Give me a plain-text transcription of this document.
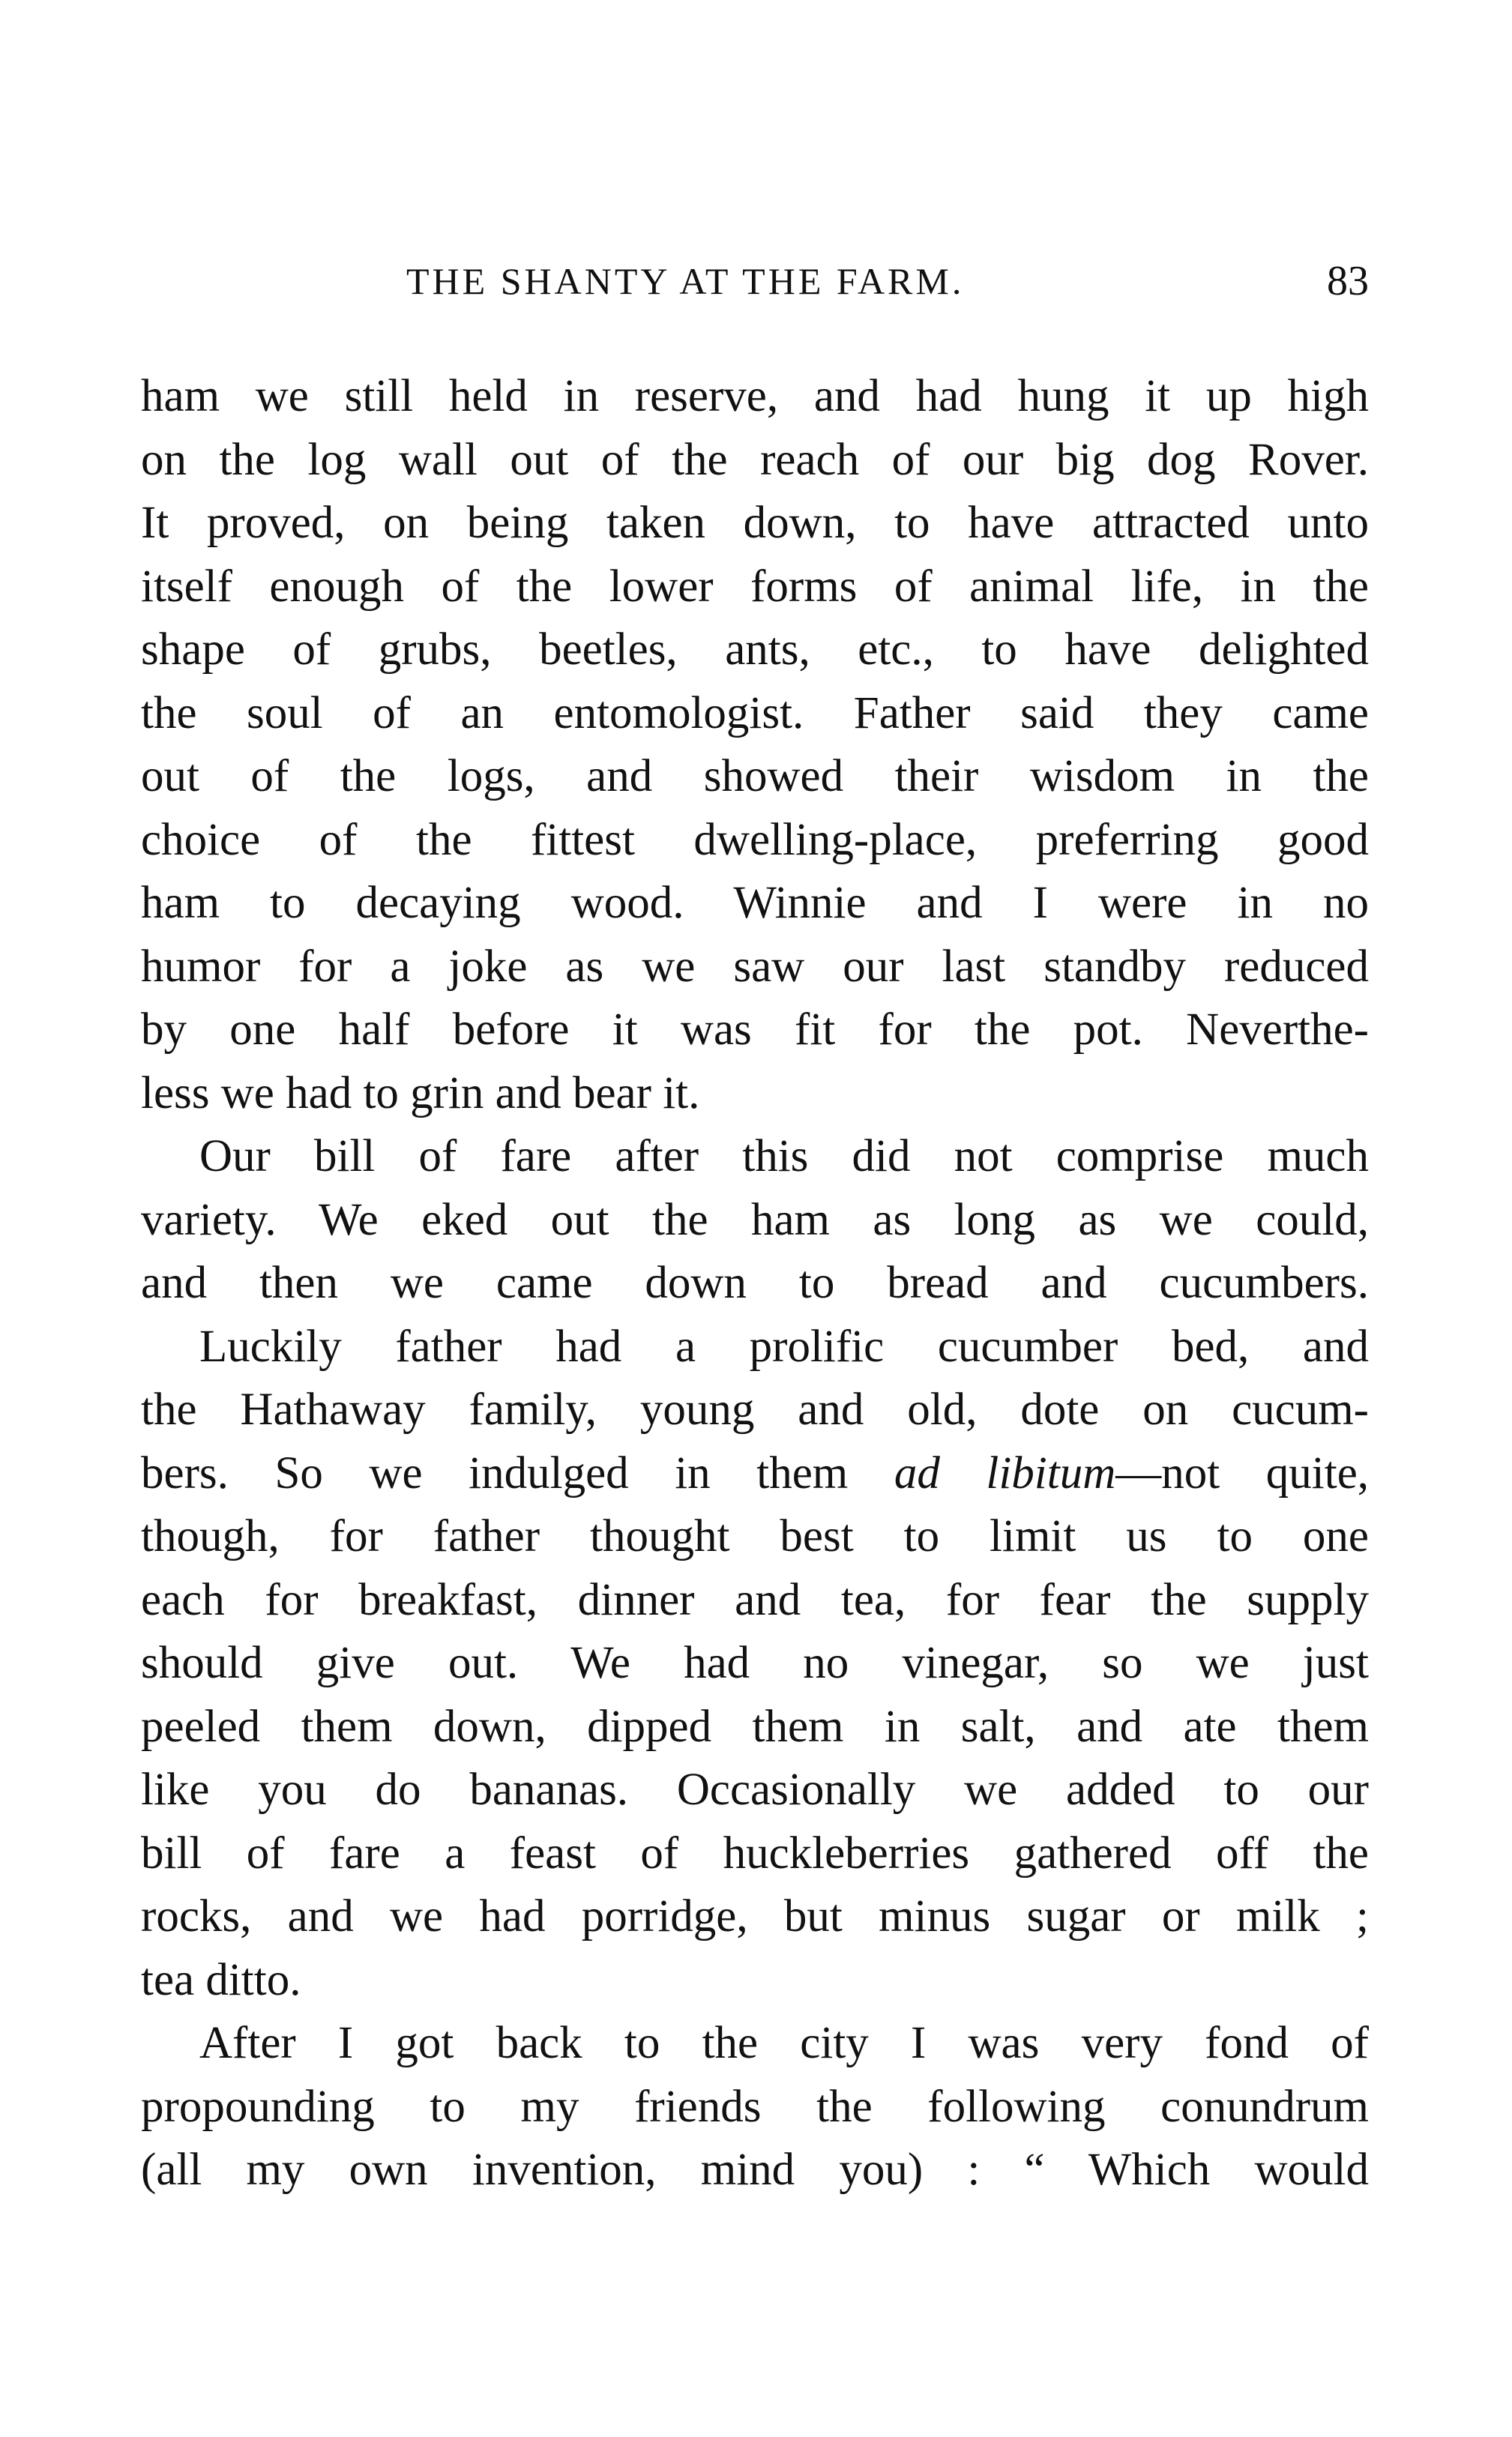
THE SHANTY AT THE FARM.	83
ham we still held in reserve, and had hung it up high
on the log wall out of the reach of our big dog Rover.
It proved, on being taken down, to have attracted unto
itself enough of the lower forms of animal life, in the
shape of grubs, beetles, ants, etc., to have delighted
the soul of an entomologist. Father said they came
out of the logs, and showed their wisdom in the
choice of the fittest dwelling-place, preferring good
ham to decaying wood. Winnie and I were in no
humor for a joke as we saw our last standby reduced
by one half before it was fit for the pot. Neverthe-
less we had to grin and bear it.
Our bill of fare after this did not comprise much
variety. We eked out the ham as long as we could,
and then we came down to bread and cucumbers.
Luckily father had a prolific cucumber bed, and
the Hathaway family, young and old, dote on cucum-
bers. So we indulged in them ad libitum—not quite,
though, for father thought best to limit us to one
each for breakfast, dinner and tea, for fear the supply
should give out. We had no vinegar, so we just
peeled them down, dipped them in salt, and ate them
like you do bananas. Occasionally we added to our
bill of fare a feast of huckleberries gathered off the
rocks, and we had porridge, but minus sugar or milk ;
tea ditto.
After I got back to the city I was very fond of
propounding to my friends the following conundrum
(all my own invention, mind you) : “ Which would
